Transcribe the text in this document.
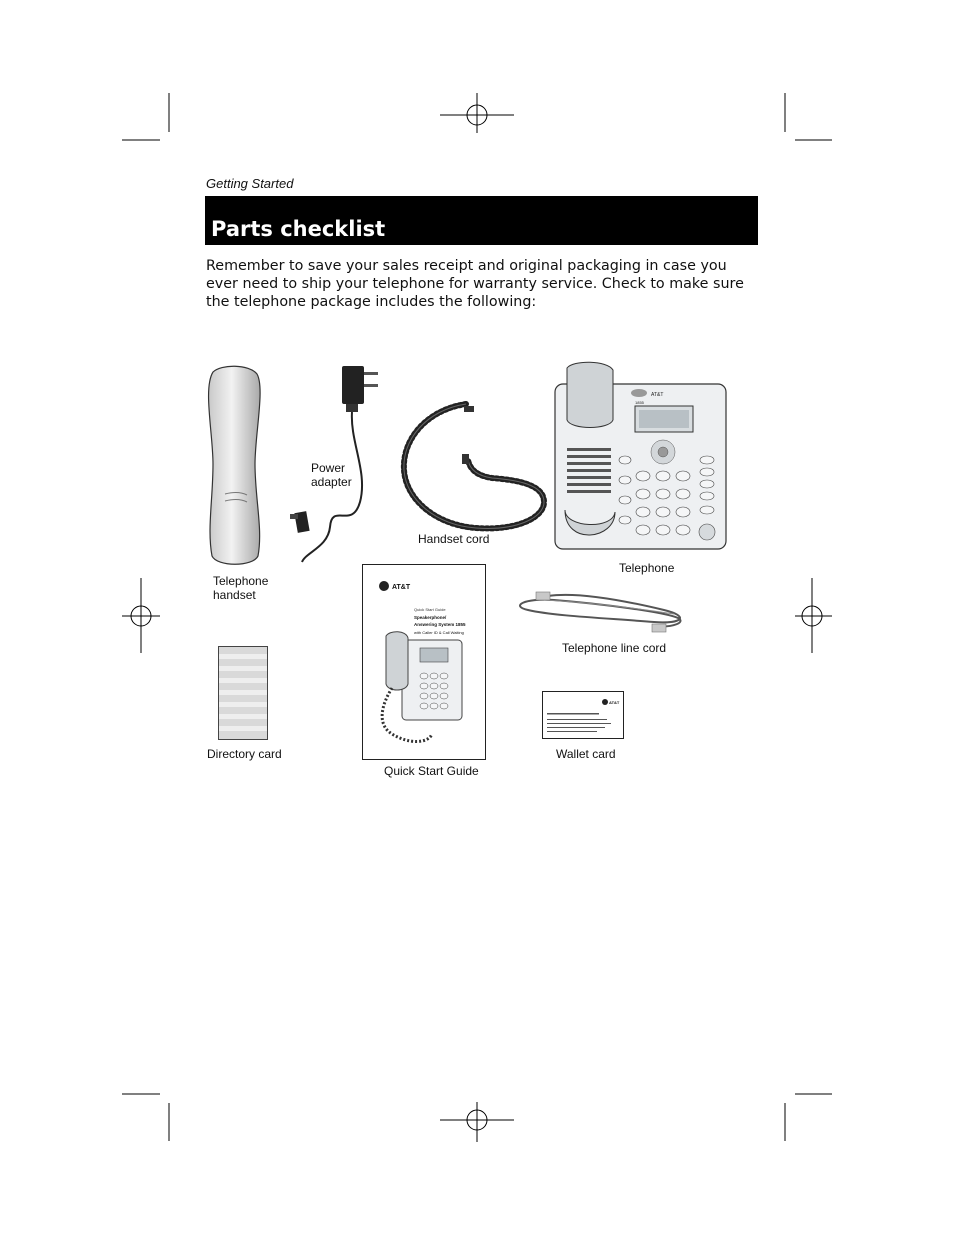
Getting Started
Parts checklist
Remember to save your sales receipt and original packaging in case you ever need to ship your telephone for warranty service. Check to make sure the telephone package includes the following:
Telephone
handset
Power
adapter
Handset cord
AT&T
1855
Telephone
Telephone line cord
Directory card
AT&T
Quick Start Guide
Speakerphone/
Answering System 1855
with Caller ID & Call Waiting
Quick Start Guide
AT&T
Wallet card
